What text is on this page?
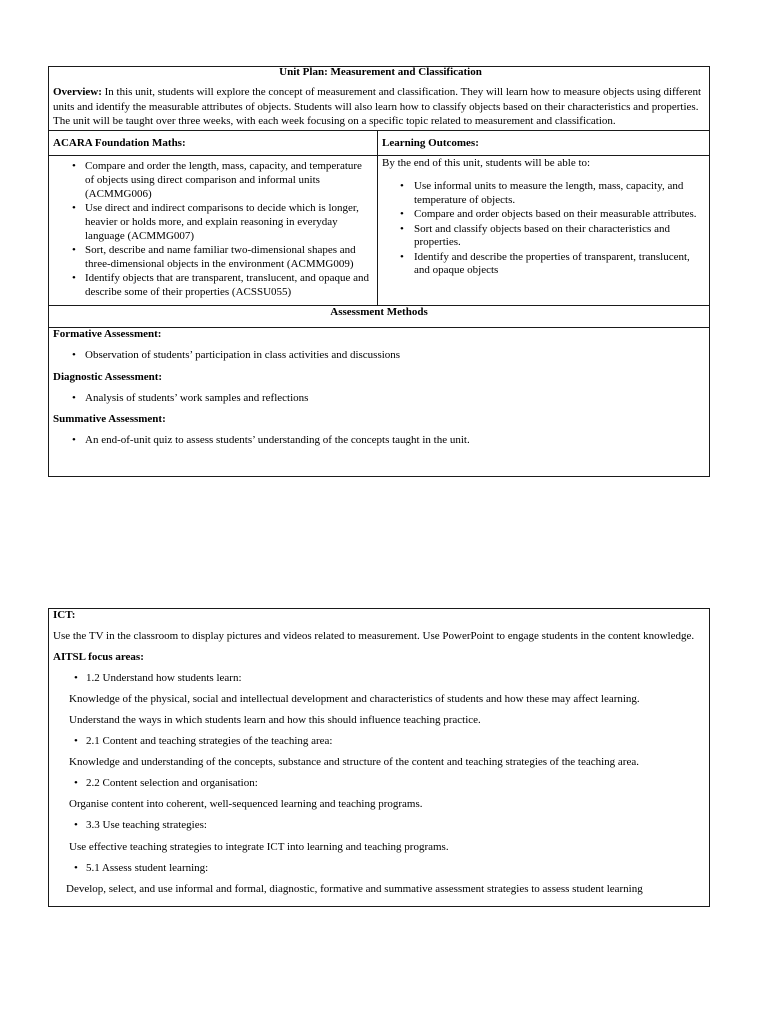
Unit Plan: Measurement and Classification

Overview: In this unit, students will explore the concept of measurement and classification. They will learn how to measure objects using different units and identify the measurable attributes of objects. Students will also learn how to classify objects based on their characteristics and properties. The unit will be taught over three weeks, with each week focusing on a specific topic related to measurement and classification.

ACARA Foundation Maths:	Learning Outcomes:
• Compare and order the length, mass, capacity, and temperature of objects using direct comparison and informal units (ACMMG006)
• Use direct and indirect comparisons to decide which is longer, heavier or holds more, and explain reasoning in everyday language (ACMMG007)
• Sort, describe and name familiar two-dimensional shapes and three-dimensional objects in the environment (ACMMG009)
• Identify objects that are transparent, translucent, and opaque and describe some of their properties (ACSSU055)

By the end of this unit, students will be able to:

• Use informal units to measure the length, mass, capacity, and temperature of objects.
• Compare and order objects based on their measurable attributes.
• Sort and classify objects based on their characteristics and properties.
• Identify and describe the properties of transparent, translucent, and opaque objects
Assessment Methods
Formative Assessment:
• Observation of students’ participation in class activities and discussions
Diagnostic Assessment:
• Analysis of students’ work samples and reflections
Summative Assessment:
• An end-of-unit quiz to assess students’ understanding of the concepts taught in the unit.
ICT:
Use the TV in the classroom to display pictures and videos related to measurement. Use PowerPoint to engage students in the content knowledge.
AITSL focus areas:
• 1.2 Understand how students learn:
Knowledge of the physical, social and intellectual development and characteristics of students and how these may affect learning.
Understand the ways in which students learn and how this should influence teaching practice.
• 2.1 Content and teaching strategies of the teaching area:
Knowledge and understanding of the concepts, substance and structure of the content and teaching strategies of the teaching area.
• 2.2 Content selection and organisation:
Organise content into coherent, well-sequenced learning and teaching programs.
• 3.3 Use teaching strategies:
Use effective teaching strategies to integrate ICT into learning and teaching programs.
• 5.1 Assess student learning:
Develop, select, and use informal and formal, diagnostic, formative and summative assessment strategies to assess student learning
